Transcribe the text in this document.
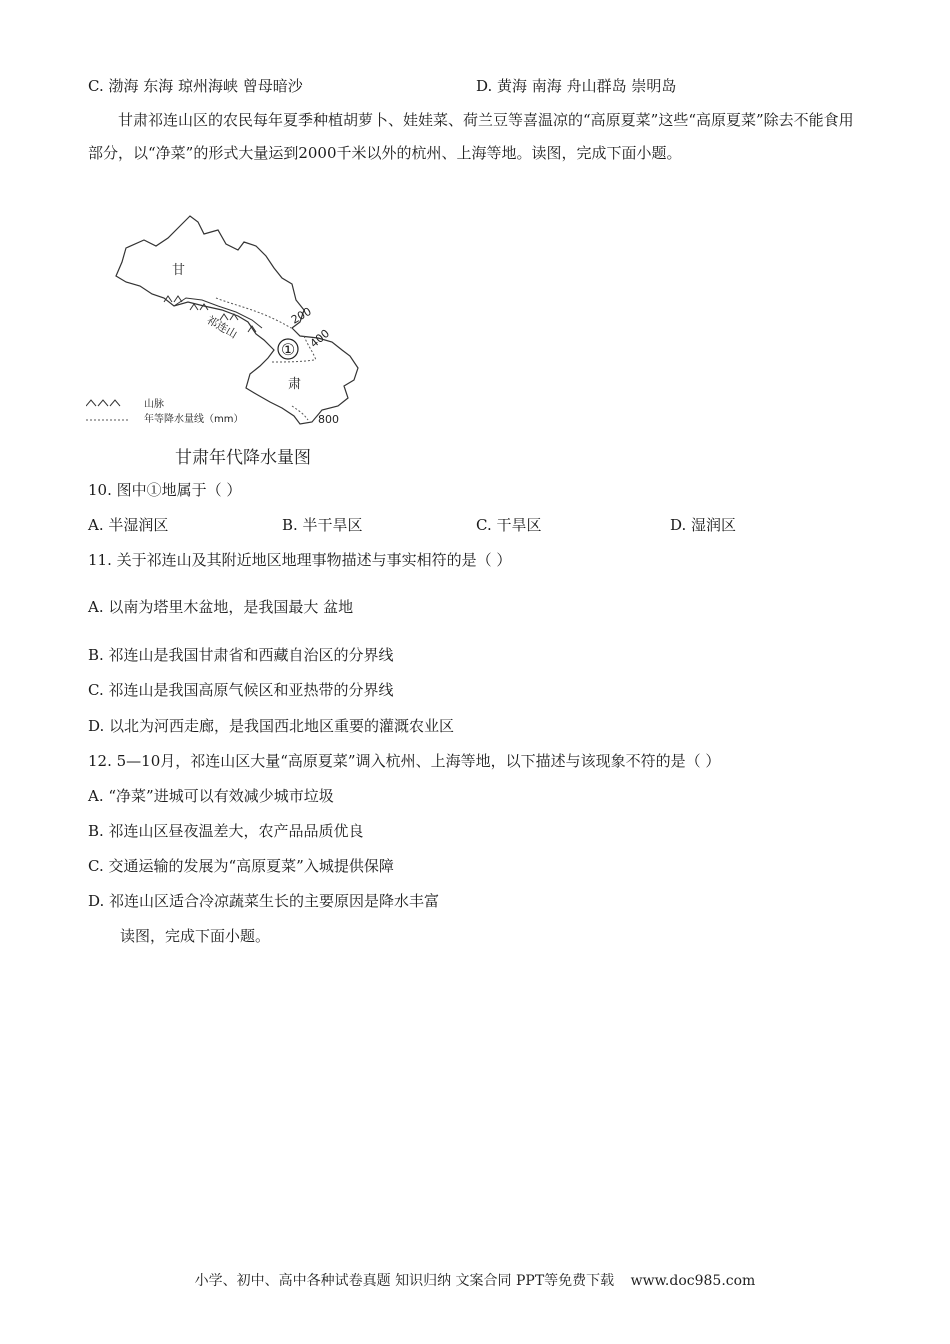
C. 渤海 东海 琼州海峡 曾母暗沙	D. 黄海 南海 舟山群岛 崇明岛

甘肃祁连山区的农民每年夏季种植胡萝卜、娃娃菜、荷兰豆等喜温凉的“高原夏菜”这些“高原夏菜”除去不能食用部分，以“净菜”的形式大量运到2000千米以外的杭州、上海等地。读图，完成下面小题。

①
甘
肃
祁连山	200
400
800
山脉
年等降水量线（mm）
甘肃年代降水量图
10. 图中①地属于（ ）
A. 半湿润区	B. 半干旱区	C. 干旱区	D. 湿润区
11. 关于祁连山及其附近地区地理事物描述与事实相符的是（ ）
A. 以南为塔里木盆地，是我国最大 盆地
B. 祁连山是我国甘肃省和西藏自治区的分界线
C. 祁连山是我国高原气候区和亚热带的分界线
D. 以北为河西走廊，是我国西北地区重要的灌溉农业区
12. 5—10月，祁连山区大量“高原夏菜”调入杭州、上海等地，以下描述与该现象不符的是（ ）
A. “净菜”进城可以有效减少城市垃圾
B. 祁连山区昼夜温差大，农产品品质优良
C. 交通运输的发展为“高原夏菜”入城提供保障
D. 祁连山区适合冷凉蔬菜生长的主要原因是降水丰富
读图，完成下面小题。
小学、初中、高中各种试卷真题 知识归纳 文案合同 PPT等免费下载 www.doc985.com
